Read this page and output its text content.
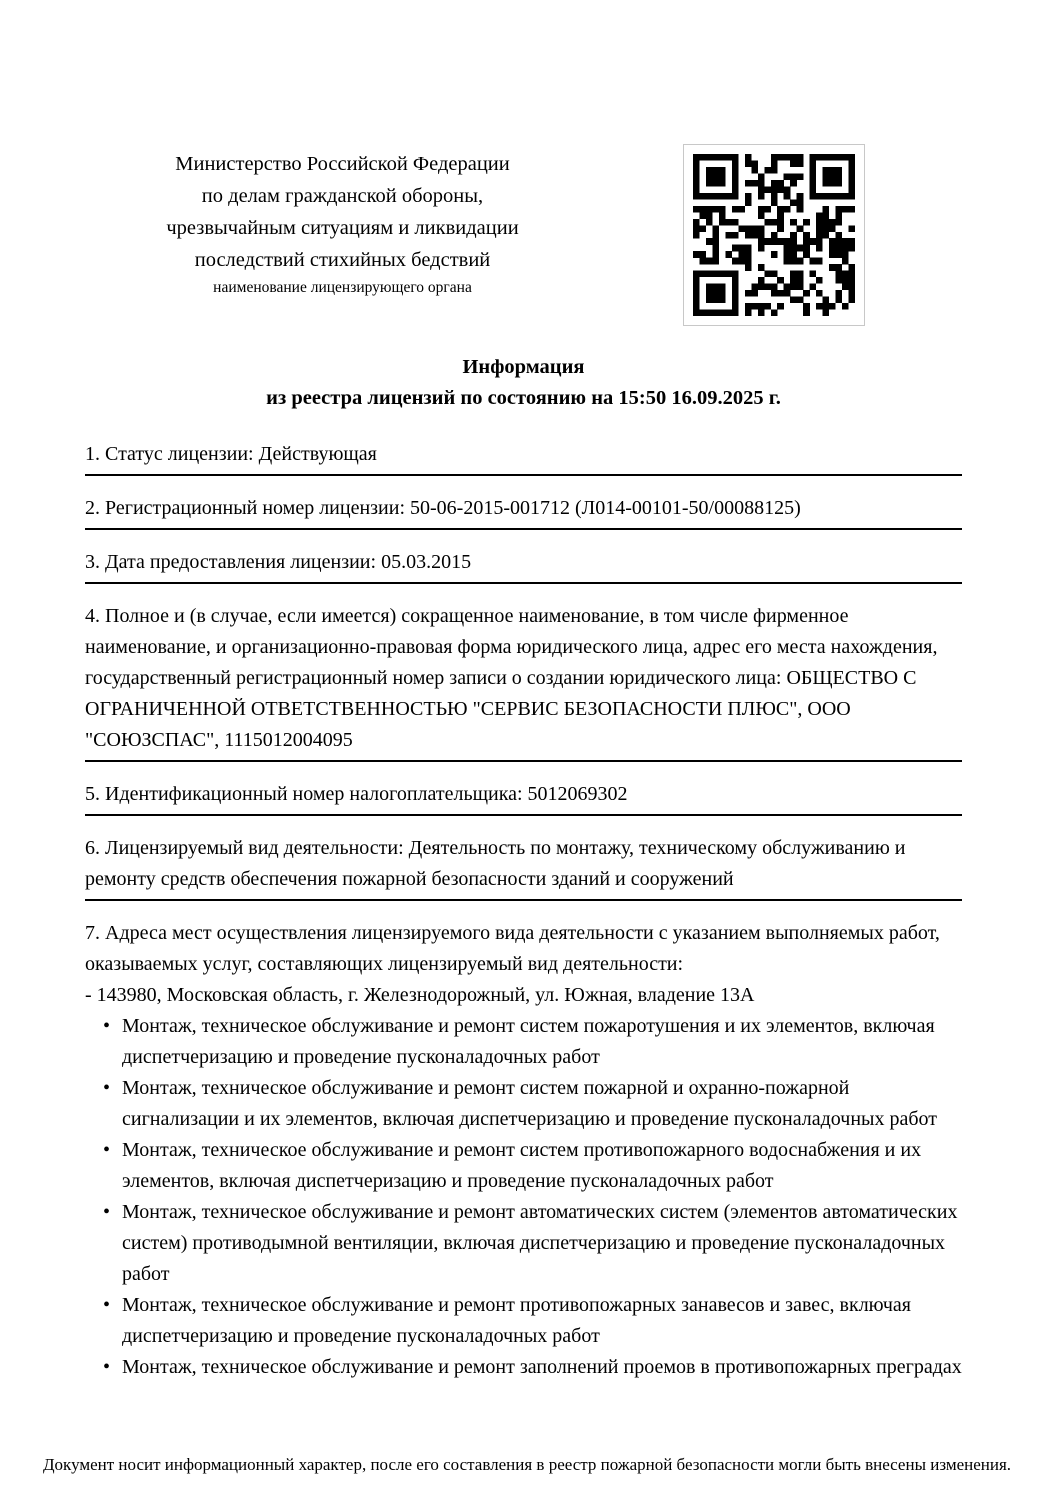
Министерство Российской Федерации
по делам гражданской обороны,
чрезвычайным ситуациям и ликвидации
последствий стихийных бедствий
наименование лицензирующего органа
Информация
из реестра лицензий по состоянию на 15:50 16.09.2025 г.
1. Статус лицензии: Действующая
2. Регистрационный номер лицензии: 50-06-2015-001712 (Л014-00101-50/00088125)
3. Дата предоставления лицензии: 05.03.2015
4. Полное и (в случае, если имеется) сокращенное наименование, в том числе фирменное наименование, и организационно-правовая форма юридического лица, адрес его места нахождения, государственный регистрационный номер записи о создании юридического лица: ОБЩЕСТВО С ОГРАНИЧЕННОЙ ОТВЕТСТВЕННОСТЬЮ "СЕРВИС БЕЗОПАСНОСТИ ПЛЮС", ООО "СОЮЗСПАС", 1115012004095
5. Идентификационный номер налогоплательщика: 5012069302
6. Лицензируемый вид деятельности: Деятельность по монтажу, техническому обслуживанию и ремонту средств обеспечения пожарной безопасности зданий и сооружений

7. Адреса мест осуществления лицензируемого вида деятельности с указанием выполняемых работ, оказываемых услуг, составляющих лицензируемый вид деятельности:

- 143980, Московская область, г. Железнодорожный, ул. Южная, владение 13А

• Монтаж, техническое обслуживание и ремонт систем пожаротушения и их элементов, включая диспетчеризацию и проведение пусконаладочных работ
• Монтаж, техническое обслуживание и ремонт систем пожарной и охранно-пожарной сигнализации и их элементов, включая диспетчеризацию и проведение пусконаладочных работ
• Монтаж, техническое обслуживание и ремонт систем противопожарного водоснабжения и их элементов, включая диспетчеризацию и проведение пусконаладочных работ
• Монтаж, техническое обслуживание и ремонт автоматических систем (элементов автоматических систем) противодымной вентиляции, включая диспетчеризацию и проведение пусконаладочных работ
• Монтаж, техническое обслуживание и ремонт противопожарных занавесов и завес, включая диспетчеризацию и проведение пусконаладочных работ
• Монтаж, техническое обслуживание и ремонт заполнений проемов в противопожарных преградах
Документ носит информационный характер, после его составления в реестр пожарной безопасности могли быть внесены изменения.
